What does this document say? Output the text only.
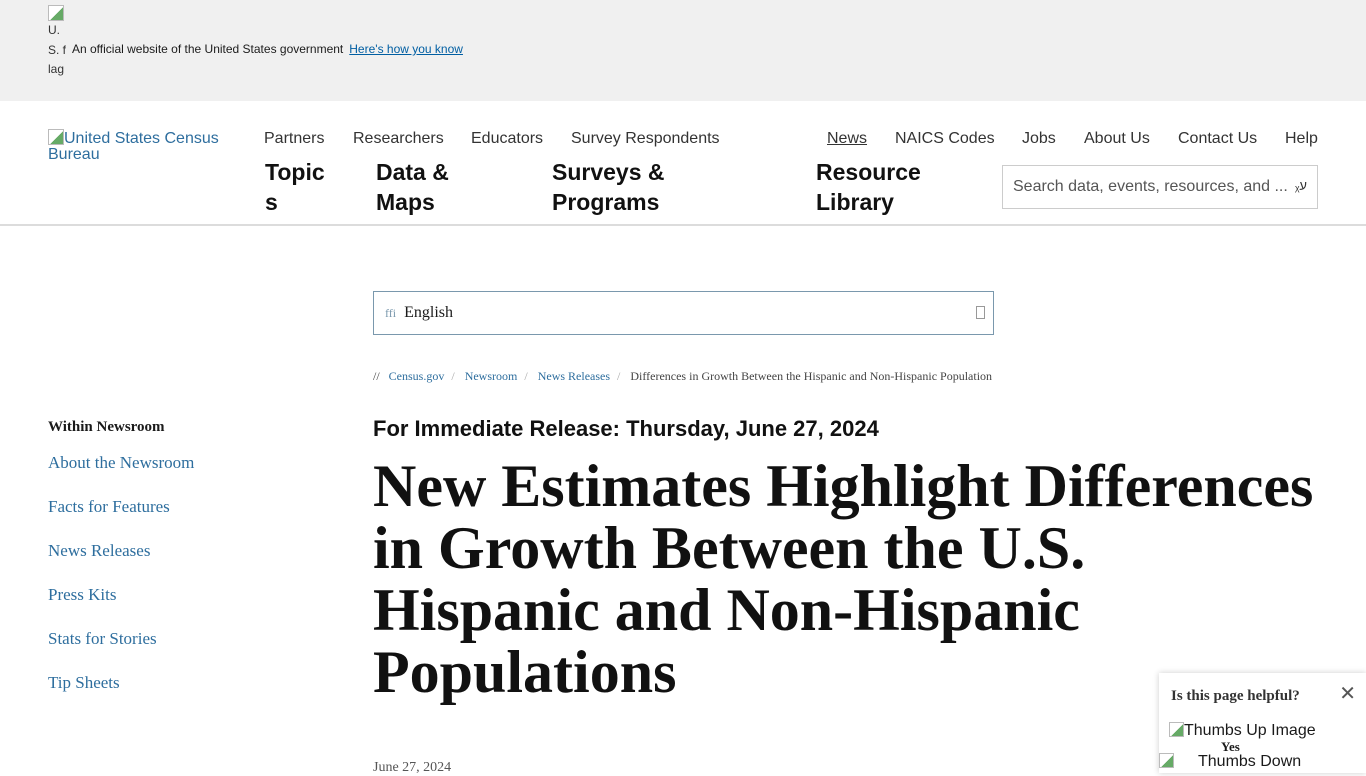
U.S. flag
An official website of the United States government Here's how you know
United States Census Bureau
Partners Researchers Educators Survey Respondents	News NAICS Codes Jobs About Us Contact Us Help
Topic s
Data & Maps
Surveys & Programs
Resource Library
Search data, events, resources, and ... ᵪע
ffi English
// Census.gov / Newsroom / News Releases / Differences in Growth Between the Hispanic and Non-Hispanic Population
Within Newsroom
About the Newsroom
Facts for Features
News Releases
Press Kits
Stats for Stories
Tip Sheets
For Immediate Release: Thursday, June 27, 2024
New Estimates Highlight Differences in Growth Between the U.S. Hispanic and Non-Hispanic Populations
June 27, 2024
Is this page helpful? ✕
Thumbs Up Image
Yes
Thumbs Down
